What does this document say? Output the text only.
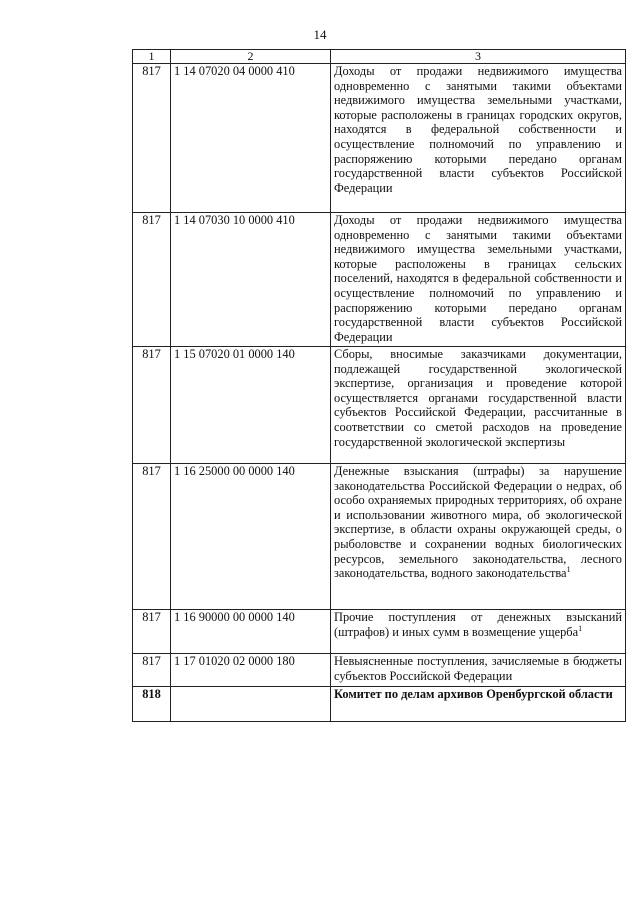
14
1	2	3
817	1 14 07020 04 0000 410	Доходы от продажи недвижимого имущества одновременно с занятыми такими объектами недвижимого имущества земельными участками, которые расположены в границах городских округов, находятся в федеральной собственности и осуществление полномочий по управлению и распоряжению которыми передано органам государственной власти субъектов Российской Федерации
817	1 14 07030 10 0000 410	Доходы от продажи недвижимого имущества одновременно с занятыми такими объектами недвижимого имущества земельными участками, которые расположены в границах сельских поселений, находятся в федеральной собственности и осуществление полномочий по управлению и распоряжению которыми передано органам государственной власти субъектов Российской Федерации
817	1 15 07020 01 0000 140	Сборы, вносимые заказчиками документации, подлежащей государственной экологической экспертизе, организация и проведение которой осуществляется органами государственной власти субъектов Российской Федерации, рассчитанные в соответствии со сметой расходов на проведение государственной экологической экспертизы
817	1 16 25000 00 0000 140	Денежные взыскания (штрафы) за нарушение законодательства Российской Федерации о недрах, об особо охраняемых природных территориях, об охране и использовании животного мира, об экологической экспертизе, в области охраны окружающей среды, о рыболовстве и сохранении водных биологических ресурсов, земельного законодательства, лесного законодательства, водного законодательства$^1$
817	1 16 90000 00 0000 140	Прочие поступления от денежных взысканий (штрафов) и иных сумм в возмещение ущерба$^1$
817	1 17 01020 02 0000 180	Невыясненные поступления, зачисляемые в бюджеты субъектов Российской Федерации
818		Комитет по делам архивов Оренбургской области
